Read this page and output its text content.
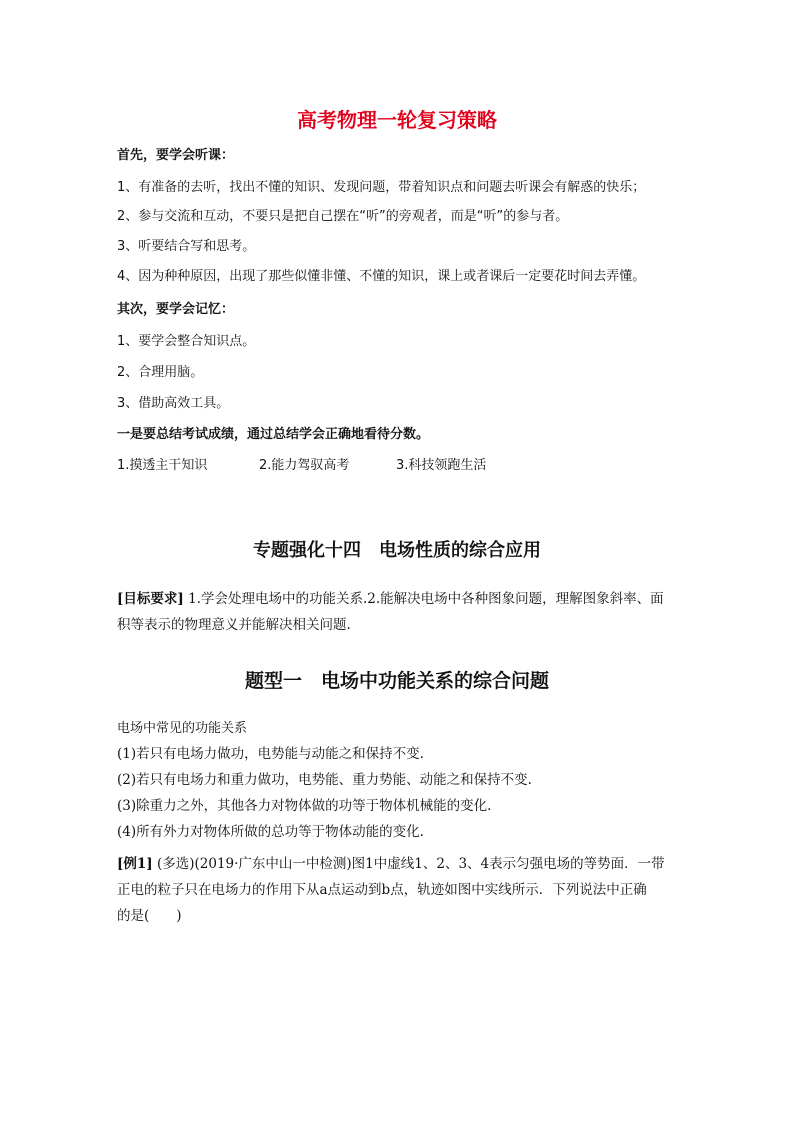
高考物理一轮复习策略
首先，要学会听课：
1、有准备的去听，找出不懂的知识、发现问题，带着知识点和问题去听课会有解惑的快乐；
2、参与交流和互动，不要只是把自己摆在“听”的旁观者，而是“听”的参与者。
3、听要结合写和思考。
4、因为种种原因，出现了那些似懂非懂、不懂的知识，课上或者课后一定要花时间去弄懂。
其次，要学会记忆：
1、要学会整合知识点。
2、合理用脑。
3、借助高效工具。
一是要总结考试成绩，通过总结学会正确地看待分数。
1.摸透主干知识	2.能力驾驭高考	3.科技领跑生活
专题强化十四　电场性质的综合应用
[目标要求] 1.学会处理电场中的功能关系.2.能解决电场中各种图象问题，理解图象斜率、面
积等表示的物理意义并能解决相关问题.
题型一　电场中功能关系的综合问题
电场中常见的功能关系
(1)若只有电场力做功，电势能与动能之和保持不变.
(2)若只有电场力和重力做功，电势能、重力势能、动能之和保持不变.
(3)除重力之外，其他各力对物体做的功等于物体机械能的变化.
(4)所有外力对物体所做的总功等于物体动能的变化.
[例1] (多选)(2019·广东中山一中检测)图1中虚线1、2、3、4表示匀强电场的等势面．一带
正电的粒子只在电场力的作用下从a点运动到b点，轨迹如图中实线所示．下列说法中正确
的是(　　)
